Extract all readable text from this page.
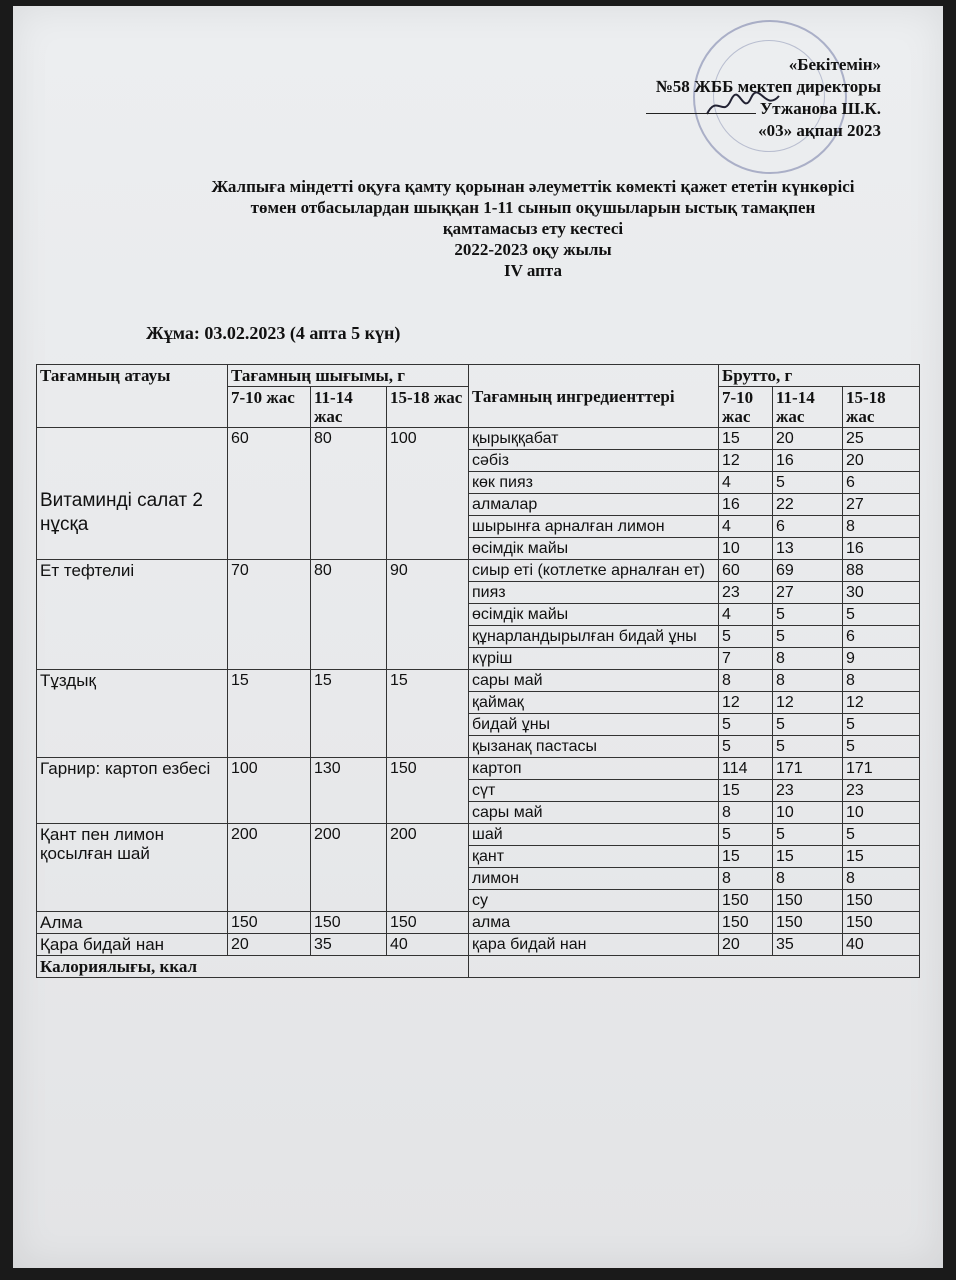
«Бекітемін»
№58 ЖББ мектеп директоры
Утжанова Ш.К.
«03» ақпан 2023
Жалпыға міндетті оқуға қамту қорынан әлеуметтік көмекті қажет ететін күнкөрісі
төмен отбасылардан шыққан 1-11 сынып оқушыларын ыстық тамақпен
қамтамасыз ету кестесі
2022-2023 оқу жылы
IV апта
Жұма: 03.02.2023 (4 апта 5 күн)
Тағамның атауы	Тағамның шығымы, г			Тағамның ингредиенттері	Брутто, г		
	7-10 жас	11-14 жас	15-18 жас		7-10 жас	11-14 жас	15-18 жас
Витаминді салат 2 нұсқа	60	80	100	қырыққабат	15	20	25
				сәбіз	12	16	20
				көк пияз	4	5	6
				алмалар	16	22	27
				шырынға арналған лимон	4	6	8
				өсімдік майы	10	13	16
Ет тефтелиі	70	80	90	сиыр еті (котлетке арналған ет)	60	69	88
				пияз	23	27	30
				өсімдік майы	4	5	5
				құнарландырылған бидай ұны	5	5	6
				күріш	7	8	9
Тұздық	15	15	15	сары май	8	8	8
				қаймақ	12	12	12
				бидай ұны	5	5	5
				қызанақ пастасы	5	5	5
Гарнир: картоп езбесі	100	130	150	картоп	114	171	171
				сүт	15	23	23
				сары май	8	10	10
Қант пен лимон қосылған шай	200	200	200	шай	5	5	5
				қант	15	15	15
				лимон	8	8	8
				су	150	150	150
Алма	150	150	150	алма	150	150	150
Қара бидай нан	20	35	40	қара бидай нан	20	35	40
Калориялығы, ккал							
